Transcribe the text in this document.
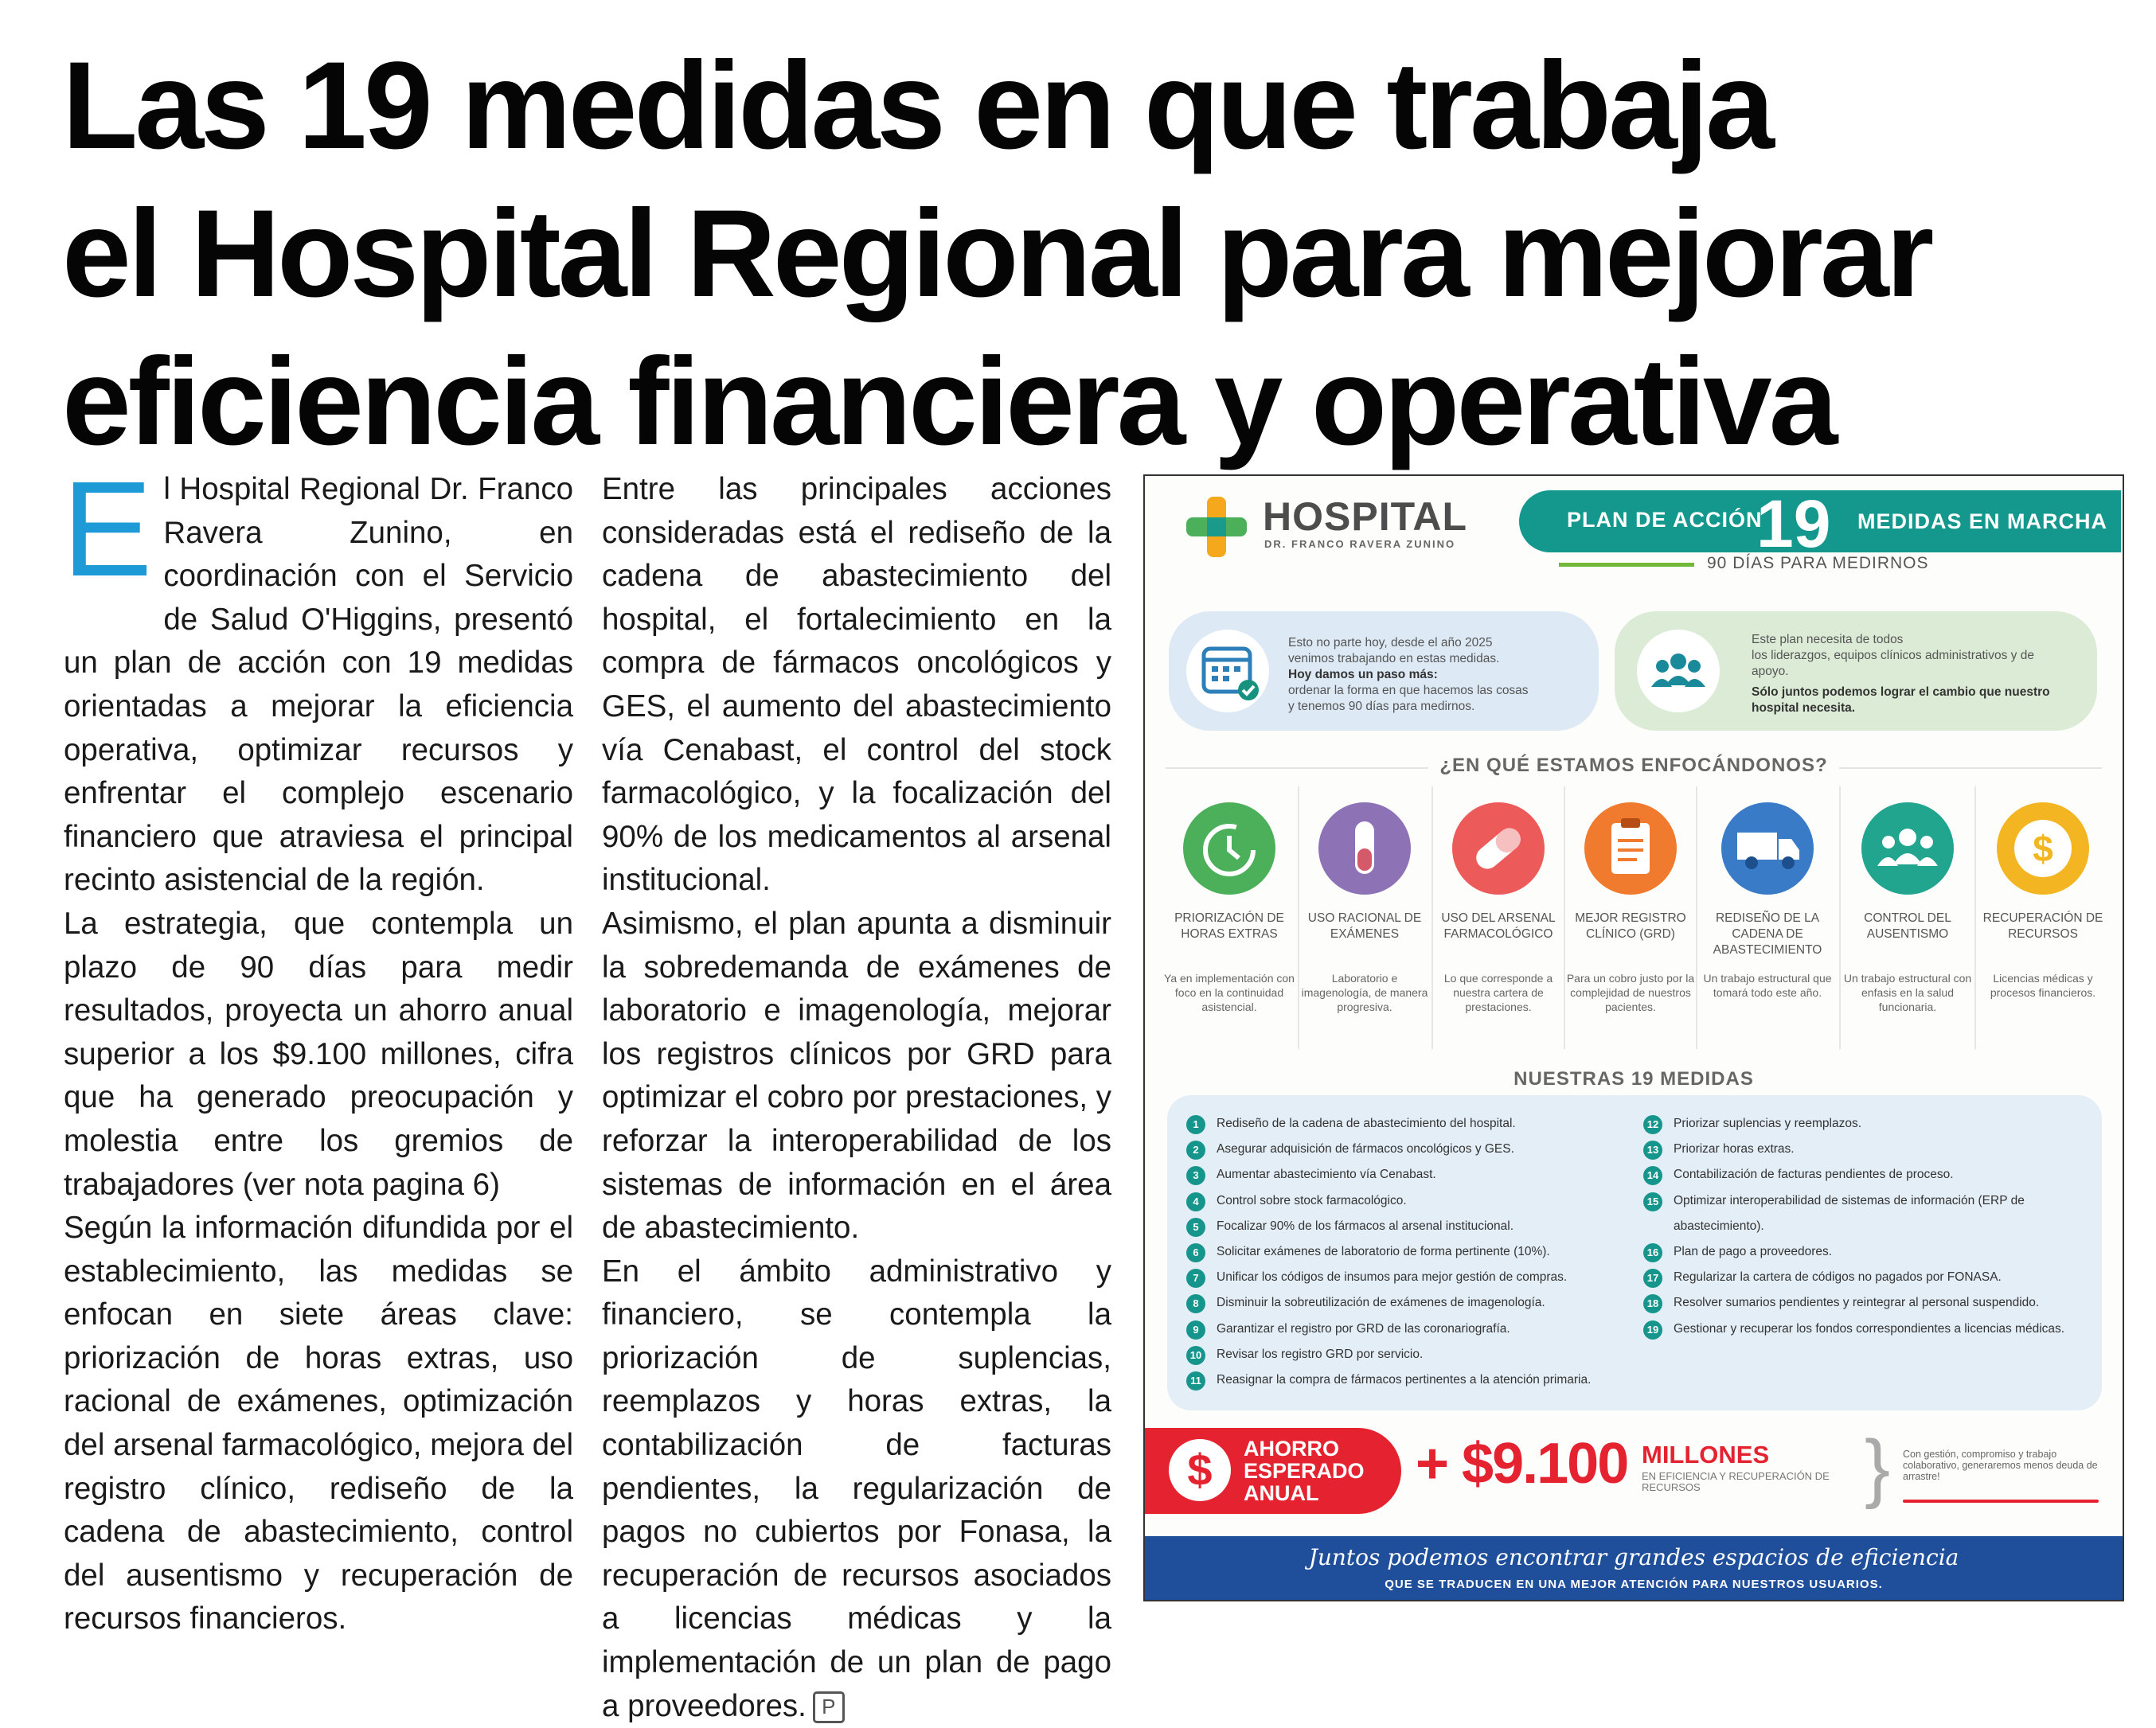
Las 19 medidas en que trabaja
el Hospital Regional para mejorar
eficiencia financiera y operativa

El Hospital Regional Dr. Franco Ravera Zunino, en coordinación con el Servicio de Salud O'Higgins, presentó un plan de acción con 19 medidas orientadas a mejorar la eficiencia operativa, optimizar recursos y enfrentar el complejo escenario financiero que atraviesa el principal recinto asistencial de la región.

La estrategia, que contempla un plazo de 90 días para medir resultados, proyecta un ahorro anual superior a los $9.100 millones, cifra que ha generado preocupación y molestia entre los gremios de trabajadores (ver nota pagina 6)

Según la información difundida por el establecimiento, las medidas se enfocan en siete áreas clave: priorización de horas extras, uso racional de exámenes, optimización del arsenal farmacológico, mejora del registro clínico, rediseño de la cadena de abastecimiento, control del ausentismo y recuperación de recursos financieros.

Entre las principales acciones consideradas está el rediseño de la cadena de abastecimiento del hospital, el fortalecimiento en la compra de fármacos oncológicos y GES, el aumento del abastecimiento vía Cenabast, el control del stock farmacológico, y la focalización del 90% de los medicamentos al arsenal institucional.

Asimismo, el plan apunta a disminuir la sobredemanda de exámenes de laboratorio e imagenología, mejorar los registros clínicos por GRD para optimizar el cobro por prestaciones, y reforzar la interoperabilidad de los sistemas de información en el área de abastecimiento.

En el ámbito administrativo y financiero, se contempla la priorización de suplencias, reemplazos y horas extras, la contabilización de facturas pendientes, la regularización de pagos no cubiertos por Fonasa, la recuperación de recursos asociados a licencias médicas y la implementación de un plan de pago a proveedores. P

HOSPITAL
DR. FRANCO RAVERA ZUNINO
PLAN DE ACCIÓN
19 MEDIDAS EN MARCHA
90 DÍAS PARA MEDIRNOS
Esto no parte hoy, desde el año 2025
venimos trabajando en estas medidas.
Hoy damos un paso más:
ordenar la forma en que hacemos las cosas
y tenemos 90 días para medirnos.
Este plan necesita de todos
los liderazgos, equipos clínicos administrativos y de apoyo.
Sólo juntos podemos lograr el cambio que nuestro hospital necesita.
¿EN QUÉ ESTAMOS ENFOCÁNDONOS?
PRIORIZACIÓN DE HORAS EXTRAS
Ya en implementación con foco en la continuidad asistencial.
USO RACIONAL DE EXÁMENES
Laboratorio e imagenología, de manera progresiva.
USO DEL ARSENAL FARMACOLÓGICO
Lo que corresponde a nuestra cartera de prestaciones.
MEJOR REGISTRO CLÍNICO (GRD)
Para un cobro justo por la complejidad de nuestros pacientes.
REDISEÑO DE LA CADENA DE ABASTECIMIENTO
Un trabajo estructural que tomará todo este año.
CONTROL DEL AUSENTISMO
Un trabajo estructural con enfasis en la salud funcionaria.
$
RECUPERACIÓN DE RECURSOS
Licencias médicas y procesos financieros.
NUESTRAS 19 MEDIDAS
1	Rediseño de la cadena de abastecimiento del hospital.
2	Asegurar adquisición de fármacos oncológicos y GES.
3	Aumentar abastecimiento vía Cenabast.
4	Control sobre stock farmacológico.
5	Focalizar 90% de los fármacos al arsenal institucional.
6	Solicitar exámenes de laboratorio de forma pertinente (10%).
7	Unificar los códigos de insumos para mejor gestión de compras.
8	Disminuir la sobreutilización de exámenes de imagenología.
9	Garantizar el registro por GRD de las coronariografía.
10	Revisar los registro GRD por servicio.
11	Reasignar la compra de fármacos pertinentes a la atención primaria.
12	Priorizar suplencias y reemplazos.
13	Priorizar horas extras.
14	Contabilización de facturas pendientes de proceso.
15	Optimizar interoperabilidad de sistemas de información (ERP de abastecimiento).
16	Plan de pago a proveedores.
17	Regularizar la cartera de códigos no pagados por FONASA.
18	Resolver sumarios pendientes y reintegrar al personal suspendido.
19	Gestionar y recuperar los fondos correspondientes a licencias médicas.
$	AHORRO
ESPERADO
ANUAL	+ $9.100 MILLONES
EN EFICIENCIA Y RECUPERACIÓN DE RECURSOS	} Con gestión, compromiso y trabajo colaborativo, generaremos menos deuda de arrastre!
Juntos podemos encontrar grandes espacios de eficiencia
QUE SE TRADUCEN EN UNA MEJOR ATENCIÓN PARA NUESTROS USUARIOS.
